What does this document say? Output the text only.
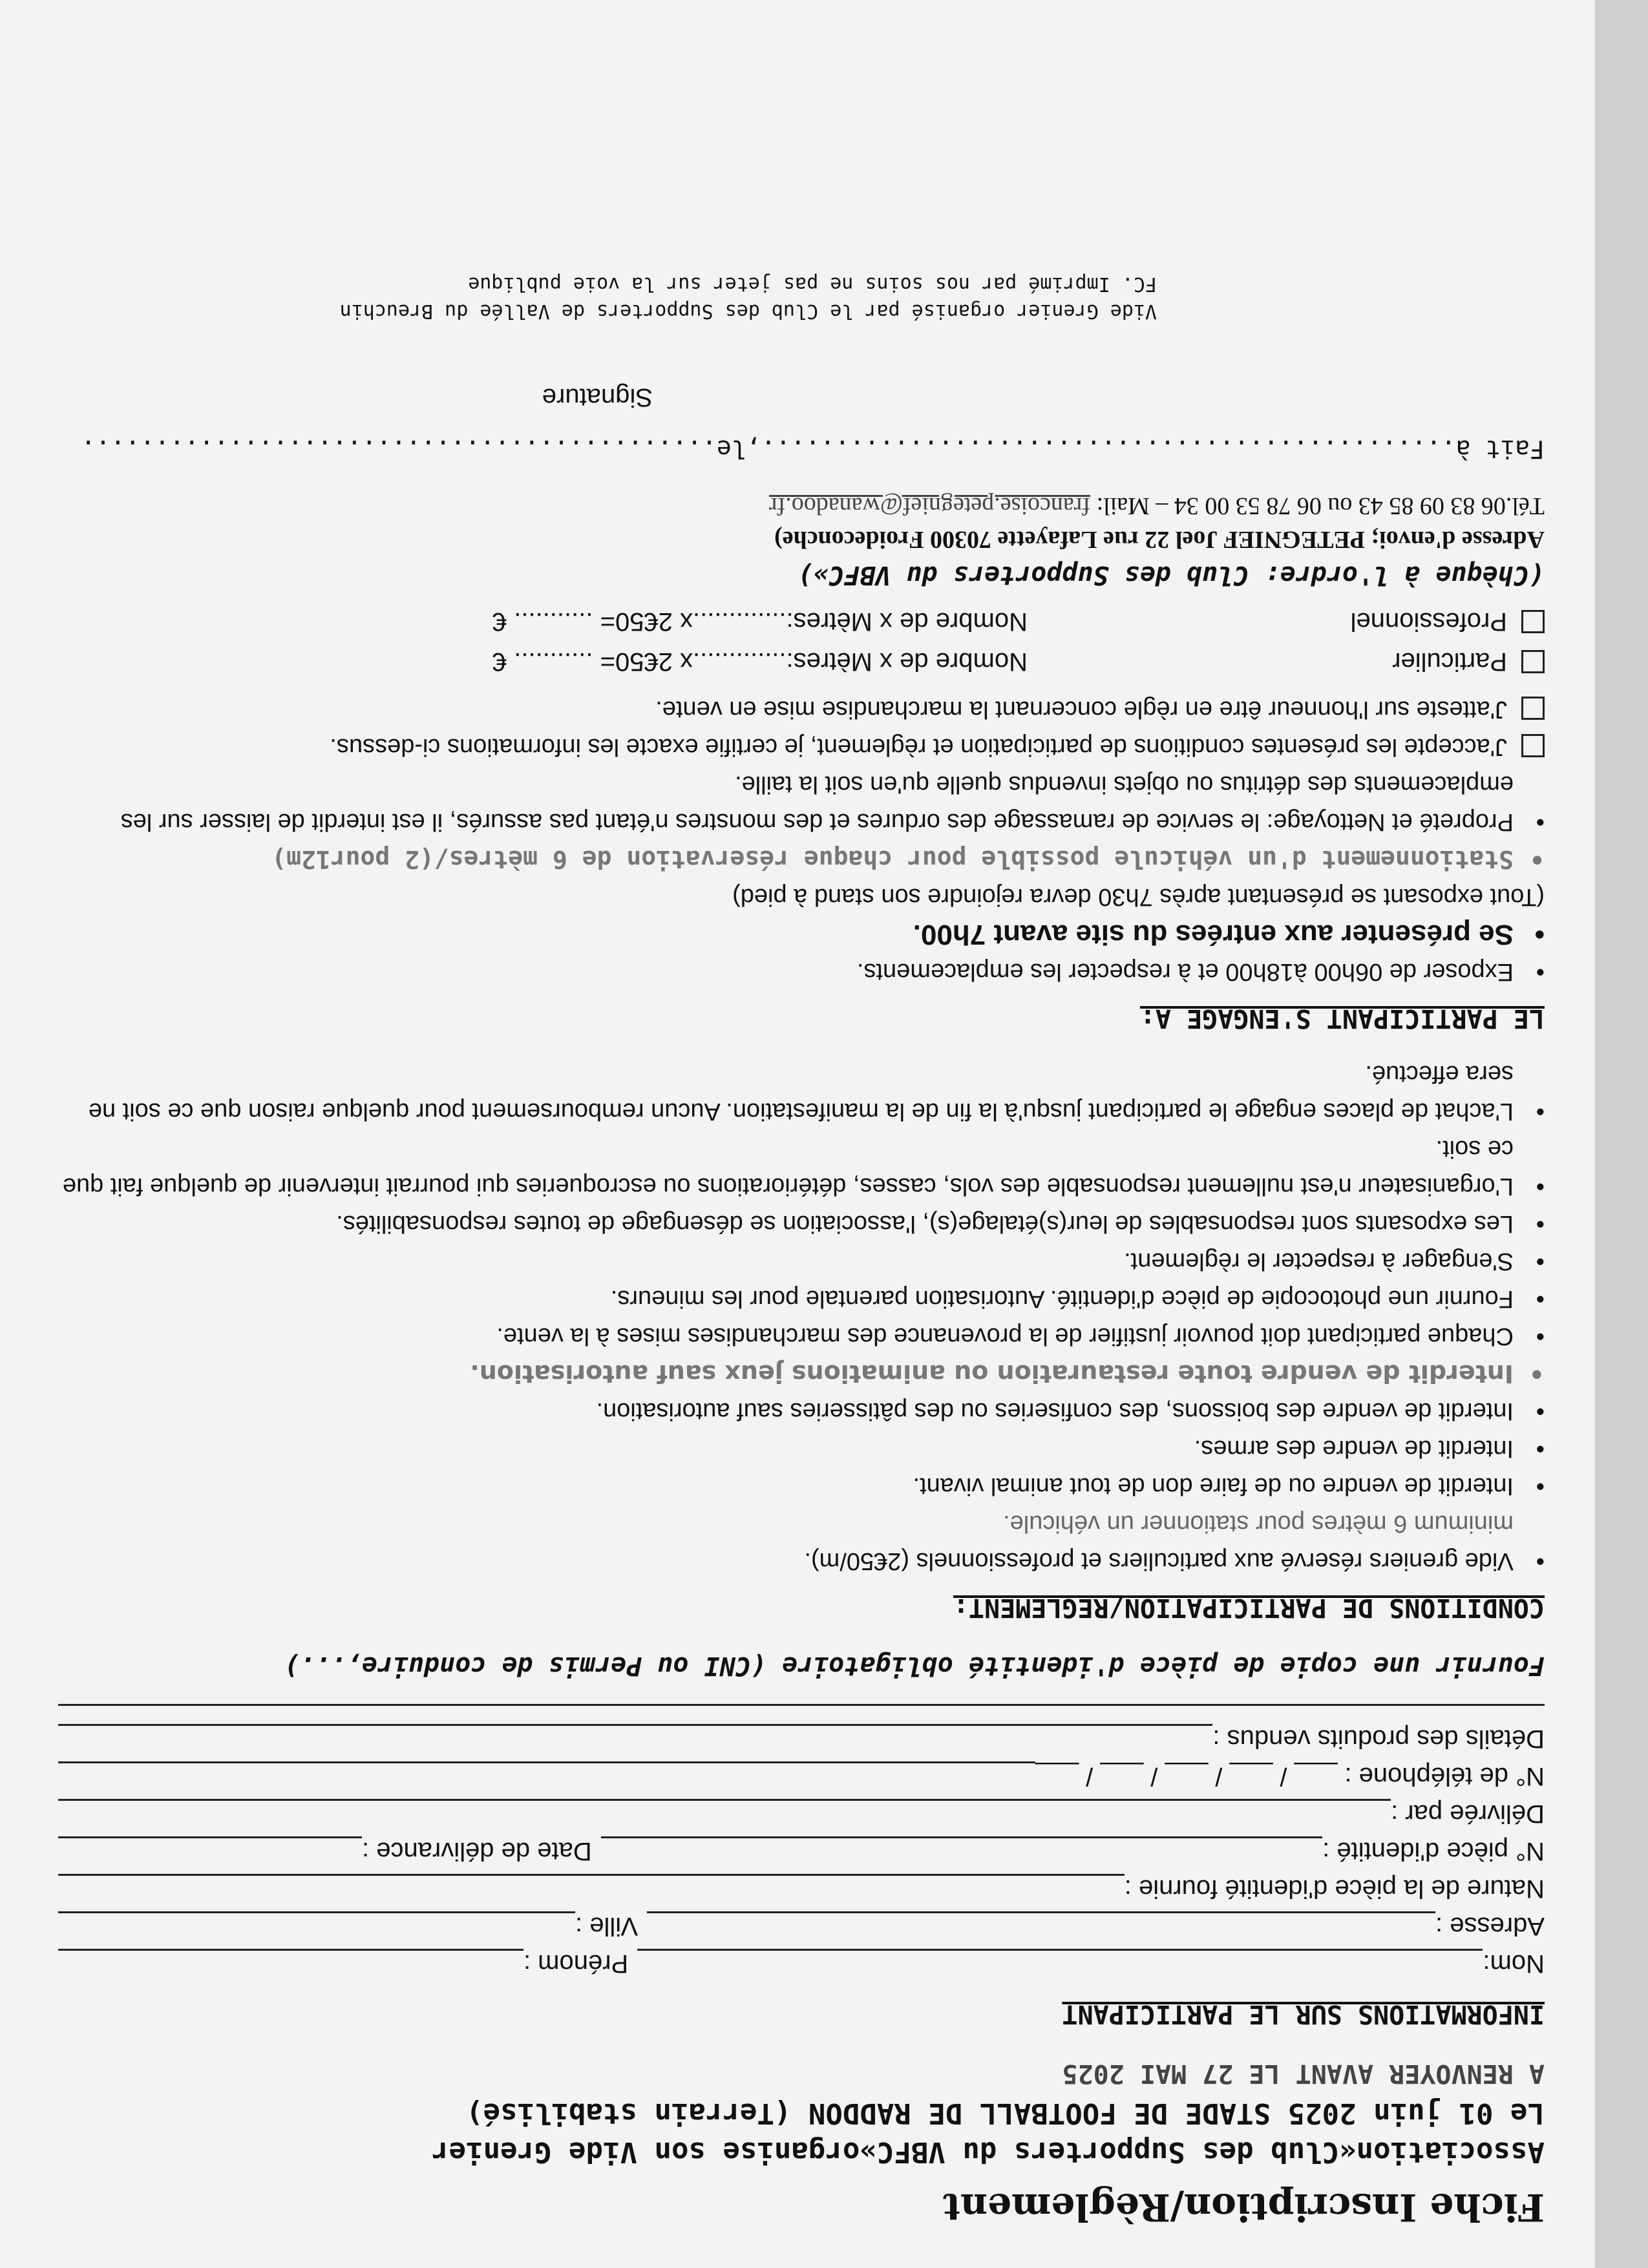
Fiche Inscription/Règlement
Association«Club des Supporters du VBFC»organise son Vide Grenier
Le 01 juin 2025 STADE DE FOOTBALL DE RADDON (Terrain stabilisé)
A RENVOYER AVANT LE 27 MAI 2025
INFORMATIONS SUR LE PARTICIPANT
Nom:
Prénom :
Adresse :
Ville :
Nature de la pièce d'identité fournie :
N° pièce d'identité :
Date de délivrance :
Délivrée par :
N° de téléphone : ___ / ___ / ___ / ___ / ___
Détails des produits vendus :
Fournir une copie de pièce d'identité obligatoire (CNI ou Permis de conduire,...)
CONDITIONS DE PARTICIPATION/REGLEMENT:
• Vide greniers réservé aux particuliers et professionnels (2€50/m).
minimum 6 mètres pour stationner un véhicule.
• Interdit de vendre ou de faire don de tout animal vivant.
• Interdit de vendre des armes.
• Interdit de vendre des boissons, des confiseries ou des pâtisseries sauf autorisation.
• Interdit de vendre toute restauration ou animations jeux sauf autorisation.
• Chaque participant doit pouvoir justifier de la provenance des marchandises mises à la vente.
• Fournir une photocopie de pièce d'identité. Autorisation parentale pour les mineurs.
• S'engager à respecter le règlement.
• Les exposants sont responsables de leur(s)étalage(s), l'association se désengage de toutes responsabilités.
• L'organisateur n'est nullement responsable des vols, casses, détériorations ou escroqueries qui pourrait intervenir de quelque fait que ce soit.
• L'achat de places engage le participant jusqu'à la fin de la manifestation. Aucun remboursement pour quelque raison que ce soit ne sera effectué.
LE PARTICIPANT S'ENGAGE A:
• Exposer de 06h00 à18h00 et à respecter les emplacements.
• Se présenter aux entrées du site avant 7h00.
(Tout exposant se présentant après 7h30 devra rejoindre son stand à pied)
• Stationnement d'un véhicule possible pour chaque réservation de 6 mètres/(2 pour12m)
• Propreté et Nettoyage: le service de ramassage des ordures et des monstres n'étant pas assurés, il est interdit de laisser sur les emplacements des détritus ou objets invendus quelle qu'en soit la taille.
J'accepte les présentes conditions de participation et règlement, je certifie exacte les informations ci-dessus.
J'atteste sur l'honneur être en règle concernant la marchandise mise en vente.
Particulier
Nombre de x Mètres:.............x 2€50= ........... €
Professionnel
Nombre de x Mètres:.............x 2€50= ........... €
(Chèque à l'ordre: Club des Supporters du VBFC»)
Adresse d'envoi; PETEGNIEF Joel 22 rue Lafayette 70300 Froideconche)
Tél.06 83 09 85 43 ou 06 78 53 00 34 – Mail: francoise.petegnief@wanadoo.fr
Fait à...............................................,le...........................................
Signature
Vide Grenier organisé par le Club des Supporters de Vallée du Breuchin FC. Imprimé par nos soins ne pas jeter sur la voie publique
